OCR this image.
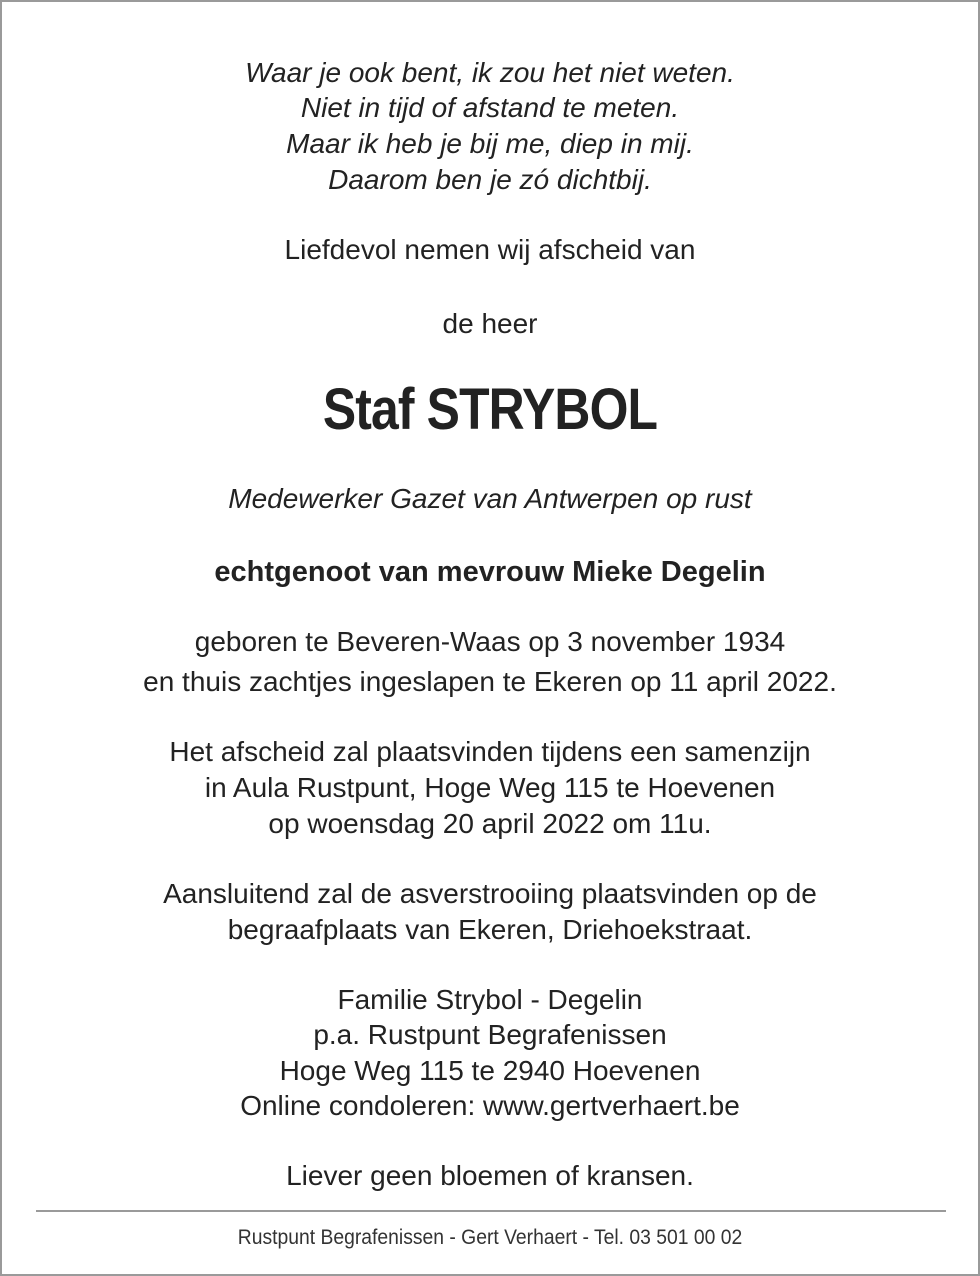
Waar je ook bent, ik zou het niet weten.
Niet in tijd of afstand te meten.
Maar ik heb je bij me, diep in mij.
Daarom ben je zó dichtbij.
Liefdevol nemen wij afscheid van
de heer
Staf STRYBOL
Medewerker Gazet van Antwerpen op rust
echtgenoot van mevrouw Mieke Degelin
geboren te Beveren-Waas op 3 november 1934
en thuis zachtjes ingeslapen te Ekeren op 11 april 2022.
Het afscheid zal plaatsvinden tijdens een samenzijn
in Aula Rustpunt, Hoge Weg 115 te Hoevenen
op woensdag 20 april 2022 om 11u.
Aansluitend zal de asverstrooiing plaatsvinden op de
begraafplaats van Ekeren, Driehoekstraat.
Familie Strybol - Degelin
p.a. Rustpunt Begrafenissen
Hoge Weg 115 te 2940 Hoevenen
Online condoleren: www.gertverhaert.be
Liever geen bloemen of kransen.
Rustpunt Begrafenissen - Gert Verhaert - Tel. 03 501 00 02
